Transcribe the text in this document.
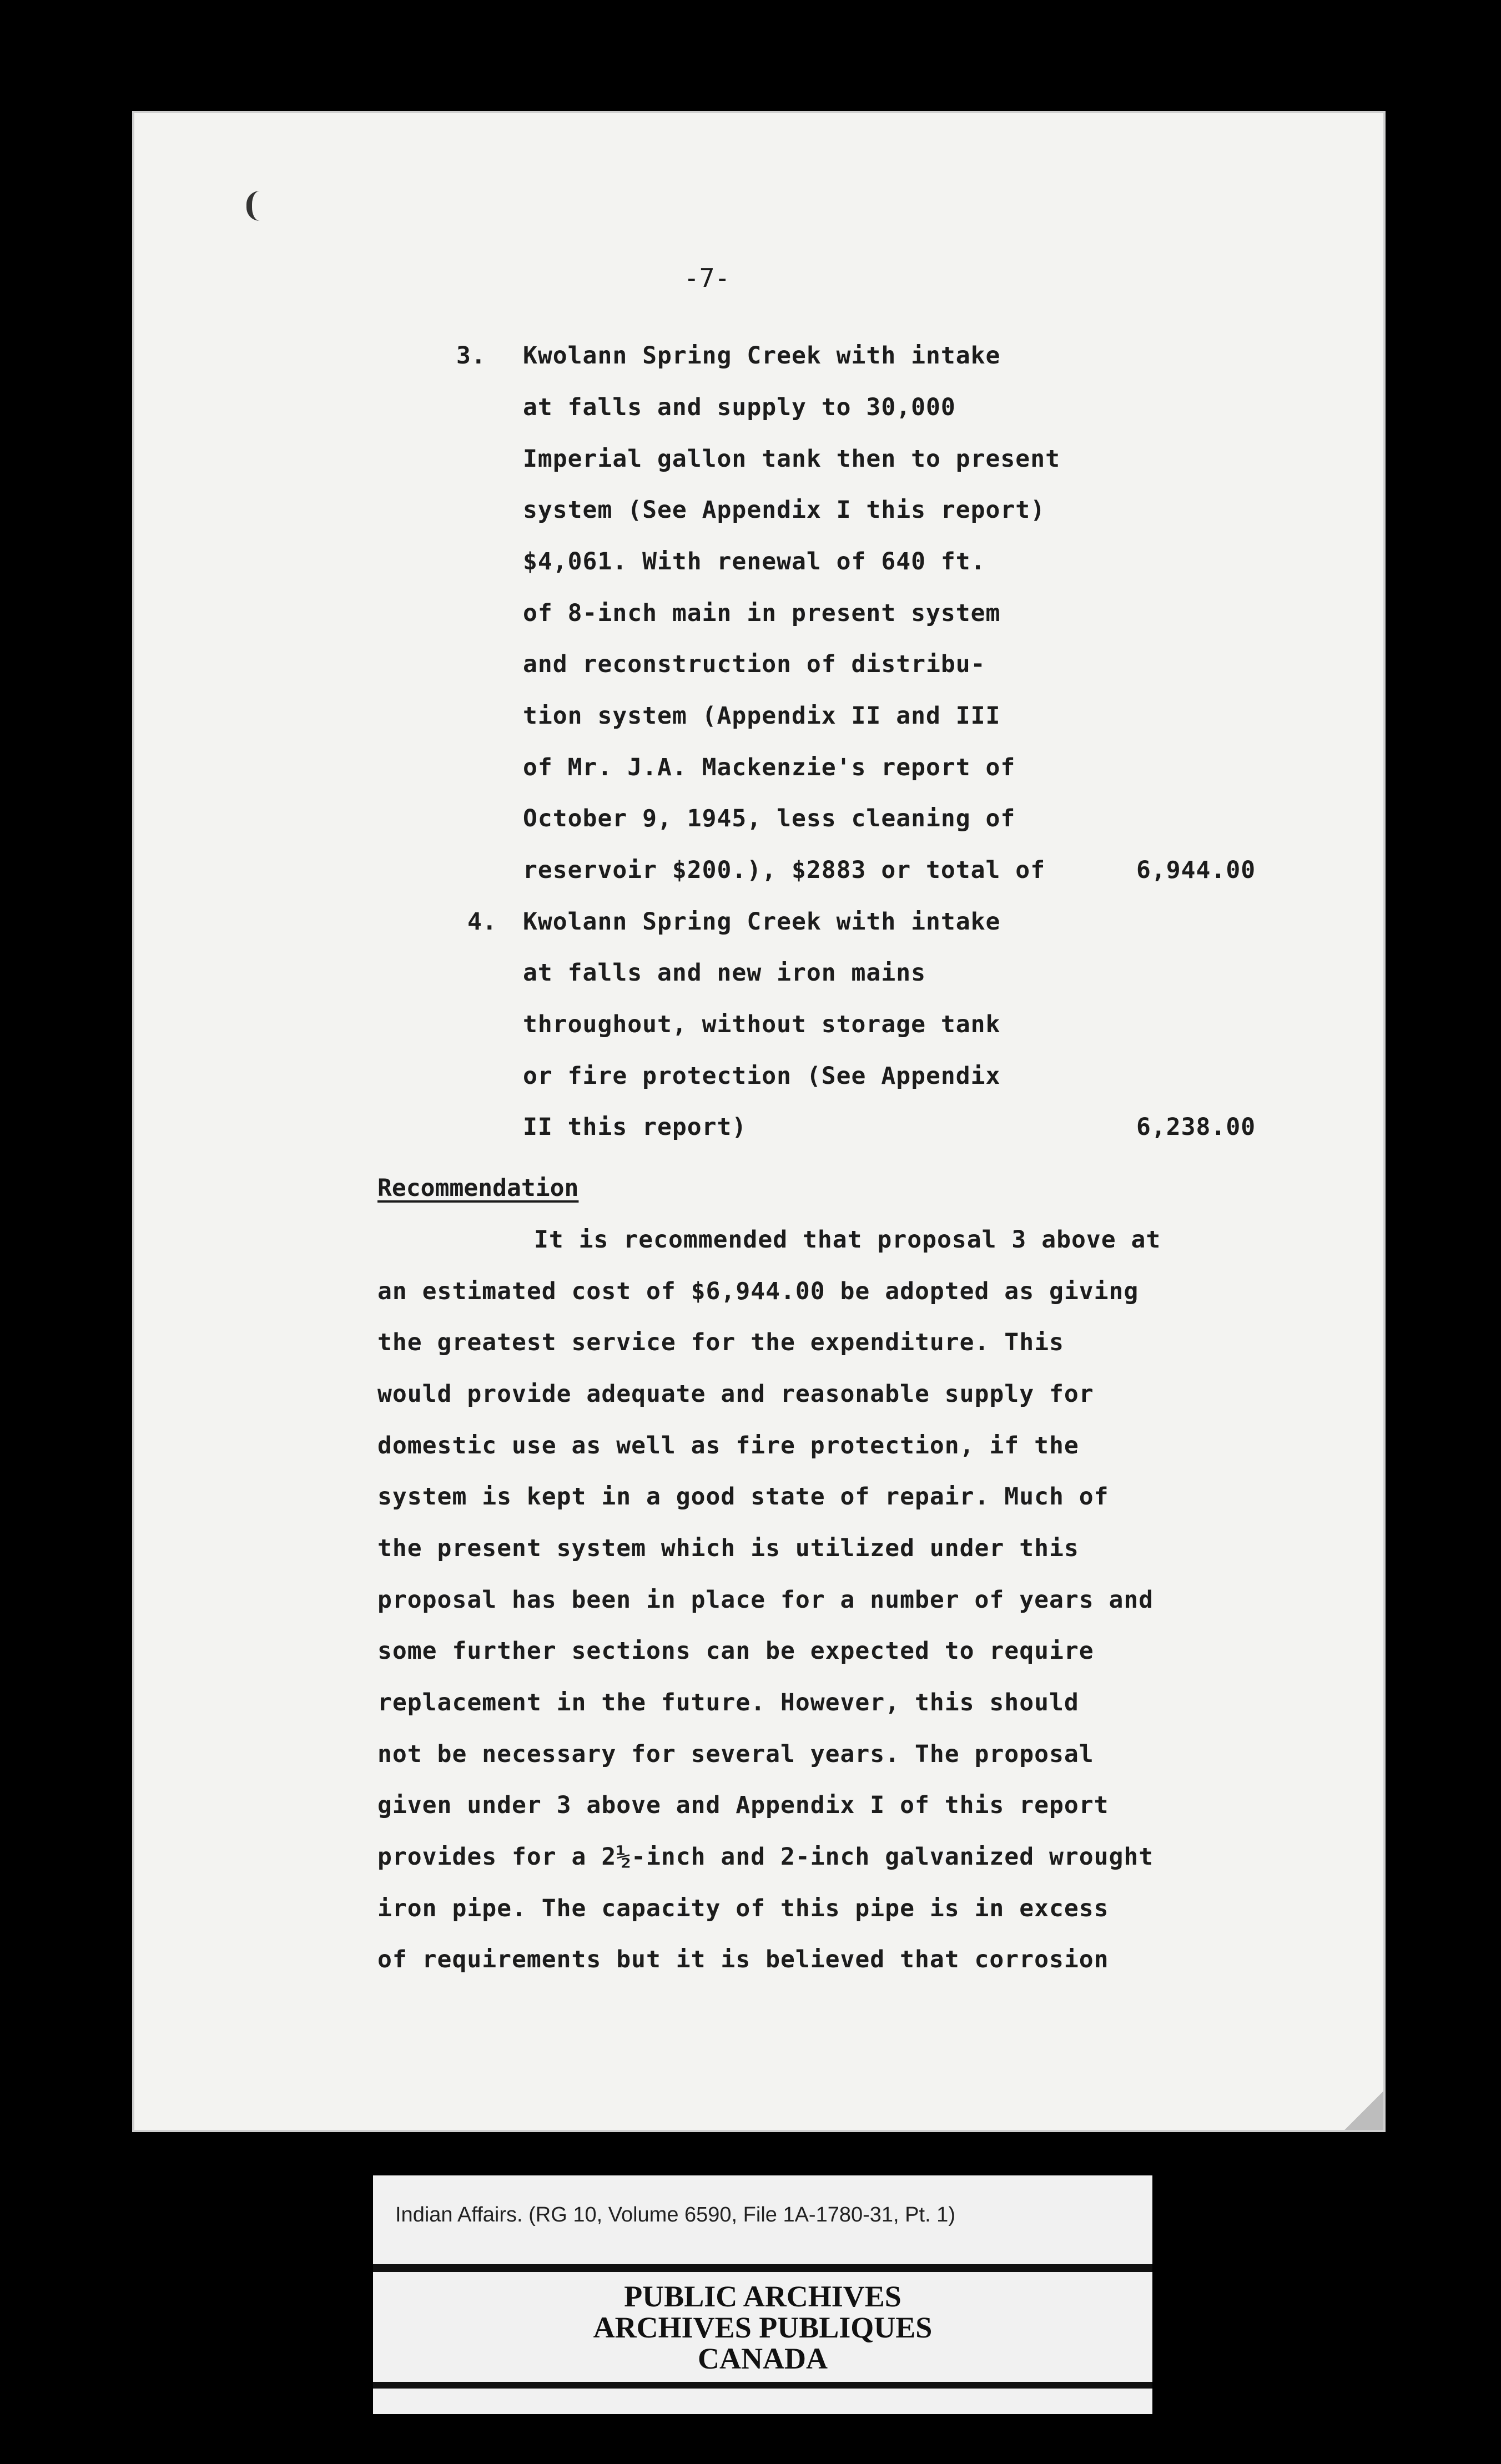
-7-
3. Kwolann Spring Creek with intake
at falls and supply to 30,000
Imperial gallon tank then to present
system (See Appendix I this report)
$4,061. With renewal of 640 ft.
of 8-inch main in present system
and reconstruction of distribu-
tion system (Appendix II and III
of Mr. J.A. Mackenzie's report of
October 9, 1945, less cleaning of
reservoir $200.), $2883 or total of	6,944.00
4. Kwolann Spring Creek with intake
at falls and new iron mains
throughout, without storage tank
or fire protection (See Appendix
II this report)	6,238.00
Recommendation
It is recommended that proposal 3 above at
an estimated cost of $6,944.00 be adopted as giving
the greatest service for the expenditure. This
would provide adequate and reasonable supply for
domestic use as well as fire protection, if the
system is kept in a good state of repair. Much of
the present system which is utilized under this
proposal has been in place for a number of years and
some further sections can be expected to require
replacement in the future. However, this should
not be necessary for several years. The proposal
given under 3 above and Appendix I of this report
provides for a 2½-inch and 2-inch galvanized wrought
iron pipe. The capacity of this pipe is in excess
of requirements but it is believed that corrosion
Indian Affairs. (RG 10, Volume 6590, File 1A-1780-31, Pt. 1)
PUBLIC ARCHIVES
ARCHIVES PUBLIQUES
CANADA
